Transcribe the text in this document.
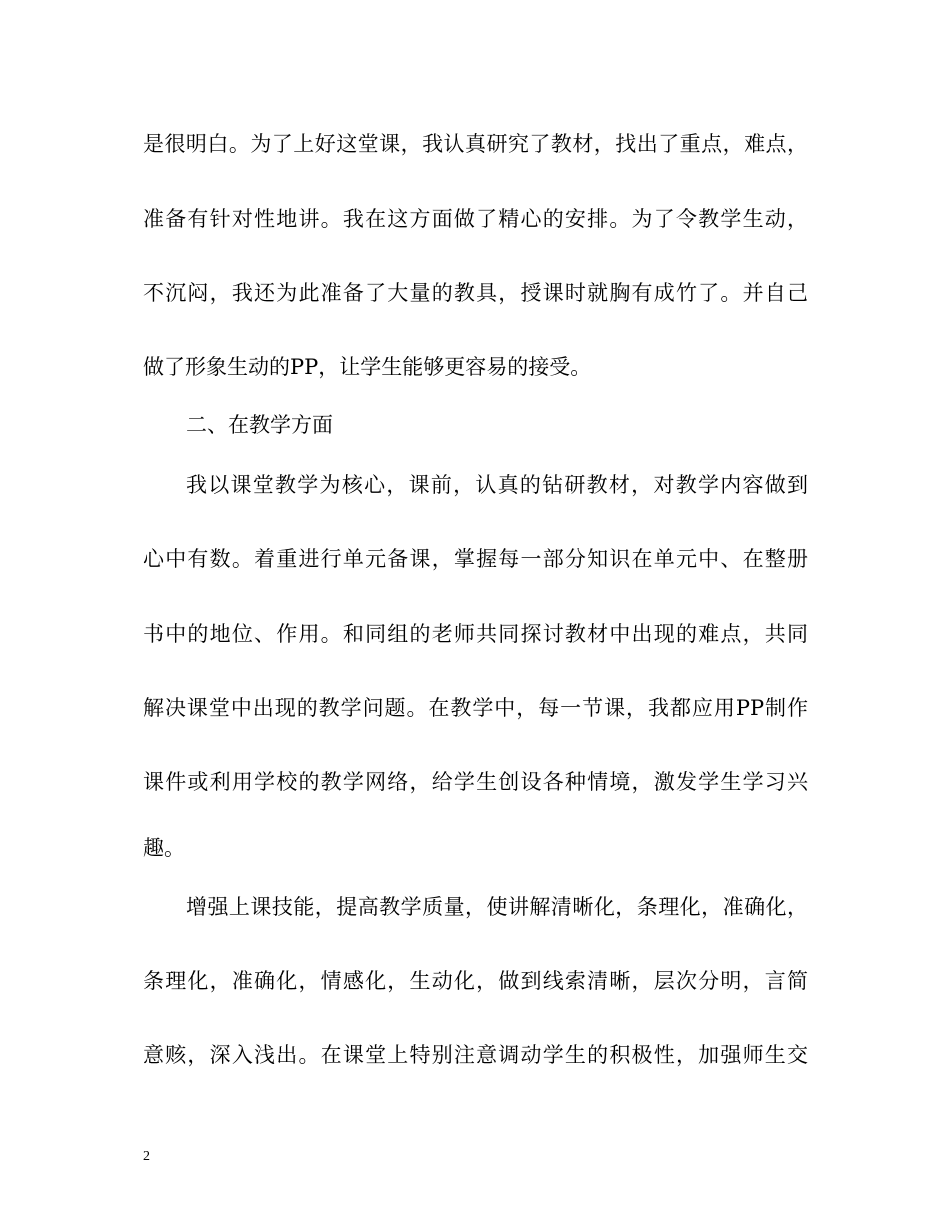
是很明白。为了上好这堂课，我认真研究了教材，找出了重点，难点，
准备有针对性地讲。我在这方面做了精心的安排。为了令教学生动，
不沉闷，我还为此准备了大量的教具，授课时就胸有成竹了。并自己
做了形象生动的PP，让学生能够更容易的接受。
二、在教学方面
我以课堂教学为核心，课前，认真的钻研教材，对教学内容做到
心中有数。着重进行单元备课，掌握每一部分知识在单元中、在整册
书中的地位、作用。和同组的老师共同探讨教材中出现的难点，共同
解决课堂中出现的教学问题。在教学中，每一节课，我都应用PP制作
课件或利用学校的教学网络，给学生创设各种情境，激发学生学习兴
趣。
增强上课技能，提高教学质量，使讲解清晰化，条理化，准确化，
条理化，准确化，情感化，生动化，做到线索清晰，层次分明，言简
意赅，深入浅出。在课堂上特别注意调动学生的积极性，加强师生交
2
